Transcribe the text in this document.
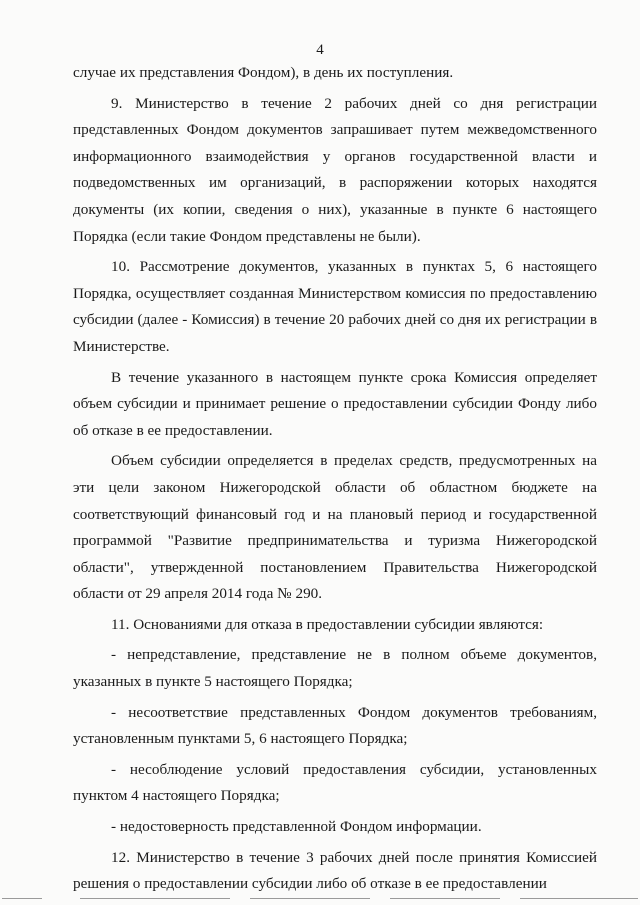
4

случае их представления Фондом), в день их поступления.

9. Министерство в течение 2 рабочих дней со дня регистрации представленных Фондом документов запрашивает путем межведомственного информационного взаимодействия у органов государственной власти и подведомственных им организаций, в распоряжении которых находятся документы (их копии, сведения о них), указанные в пункте 6 настоящего Порядка (если такие Фондом представлены не были).

10. Рассмотрение документов, указанных в пунктах 5, 6 настоящего Порядка, осуществляет созданная Министерством комиссия по предоставлению субсидии (далее - Комиссия) в течение 20 рабочих дней со дня их регистрации в Министерстве.

В течение указанного в настоящем пункте срока Комиссия определяет объем субсидии и принимает решение о предоставлении субсидии Фонду либо об отказе в ее предоставлении.

Объем субсидии определяется в пределах средств, предусмотренных на эти цели законом Нижегородской области об областном бюджете на соответствующий финансовый год и на плановый период и государственной программой "Развитие предпринимательства и туризма Нижегородской области", утвержденной постановлением Правительства Нижегородской области от 29 апреля 2014 года № 290.

11. Основаниями для отказа в предоставлении субсидии являются:

- непредставление, представление не в полном объеме документов, указанных в пункте 5 настоящего Порядка;

- несоответствие представленных Фондом документов требованиям, установленным пунктами 5, 6 настоящего Порядка;

- несоблюдение условий предоставления субсидии, установленных пунктом 4 настоящего Порядка;

- недостоверность представленной Фондом информации.

12. Министерство в течение 3 рабочих дней после принятия Комиссией решения о предоставлении субсидии либо об отказе в ее предоставлении
